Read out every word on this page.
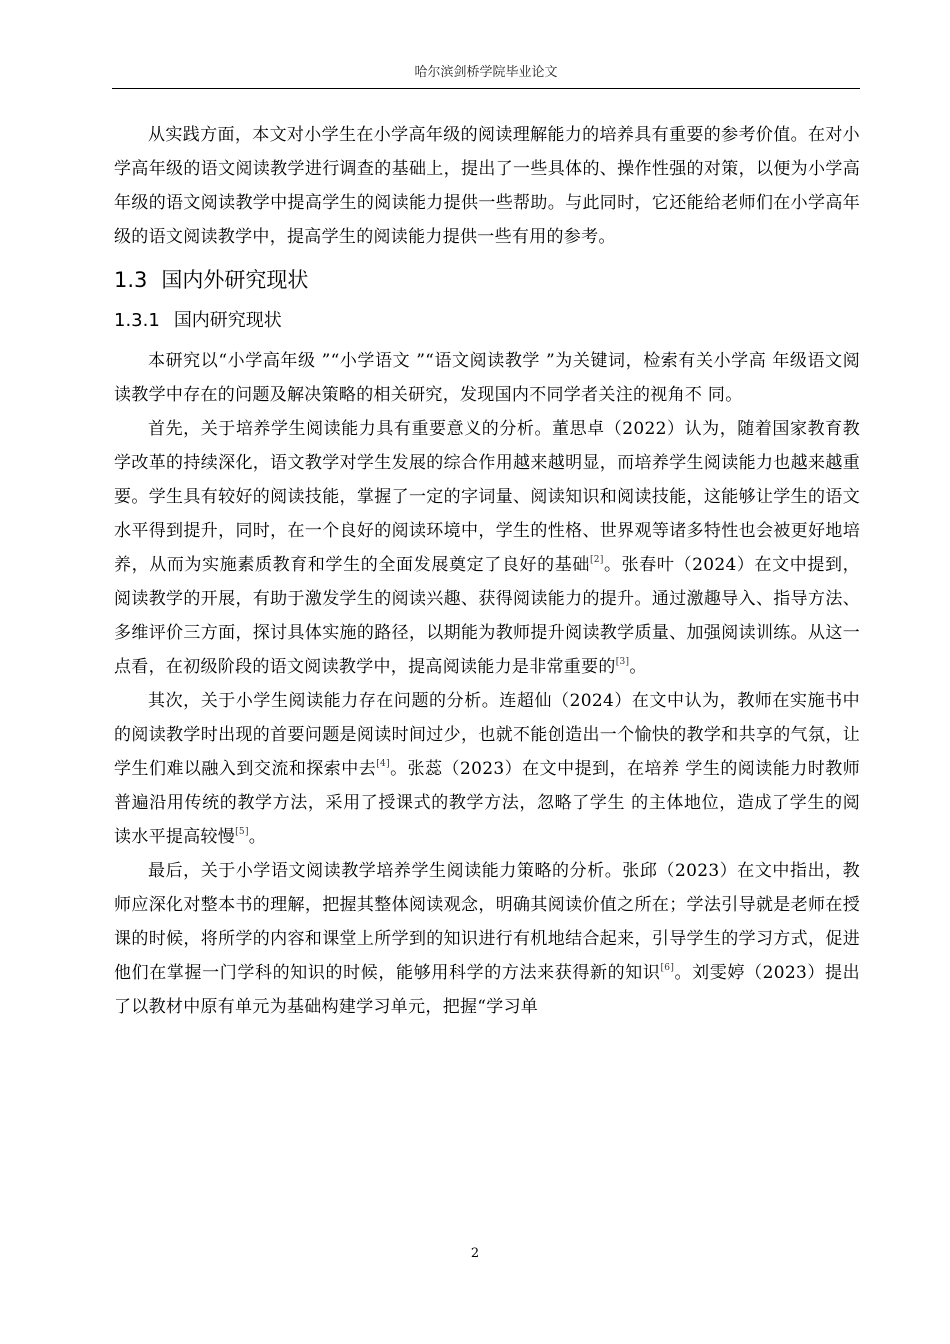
哈尔滨剑桥学院毕业论文

从实践方面，本文对小学生在小学高年级的阅读理解能力的培养具有重要的参考价值。在对小学高年级的语文阅读教学进行调查的基础上，提出了一些具体的、操作性强的对策，以便为小学高年级的语文阅读教学中提高学生的阅读能力提供一些帮助。与此同时，它还能给老师们在小学高年级的语文阅读教学中，提高学生的阅读能力提供一些有用的参考。

1.3 国内外研究现状
1.3.1 国内研究现状

本研究以“小学高年级 ”“小学语文 ”“语文阅读教学 ”为关键词，检索有关小学高 年级语文阅读教学中存在的问题及解决策略的相关研究，发现国内不同学者关注的视角不 同。

首先，关于培养学生阅读能力具有重要意义的分析。董思卓（2022）认为，随着国家教育教学改革的持续深化，语文教学对学生发展的综合作用越来越明显，而培养学生阅读能力也越来越重要。学生具有较好的阅读技能，掌握了一定的字词量、阅读知识和阅读技能，这能够让学生的语文水平得到提升，同时，在一个良好的阅读环境中，学生的性格、世界观等诸多特性也会被更好地培养，从而为实施素质教育和学生的全面发展奠定了良好的基础[2]。张春叶（2024）在文中提到，阅读教学的开展，有助于激发学生的阅读兴趣、获得阅读能力的提升。通过激趣导入、指导方法、多维评价三方面，探讨具体实施的路径，以期能为教师提升阅读教学质量、加强阅读训练。从这一点看，在初级阶段的语文阅读教学中，提高阅读能力是非常重要的[3]。

其次，关于小学生阅读能力存在问题的分析。连超仙（2024）在文中认为，教师在实施书中的阅读教学时出现的首要问题是阅读时间过少，也就不能创造出一个愉快的教学和共享的气氛，让学生们难以融入到交流和探索中去[4]。张蕊（2023）在文中提到，在培养 学生的阅读能力时教师普遍沿用传统的教学方法，采用了授课式的教学方法，忽略了学生 的主体地位，造成了学生的阅读水平提高较慢[5]。

最后，关于小学语文阅读教学培养学生阅读能力策略的分析。张邱（2023）在文中指出，教师应深化对整本书的理解，把握其整体阅读观念，明确其阅读价值之所在；学法引导就是老师在授课的时候，将所学的内容和课堂上所学到的知识进行有机地结合起来，引导学生的学习方式，促进他们在掌握一门学科的知识的时候，能够用科学的方法来获得新的知识[6]。刘雯婷（2023）提出了以教材中原有单元为基础构建学习单元，把握“学习单

2
